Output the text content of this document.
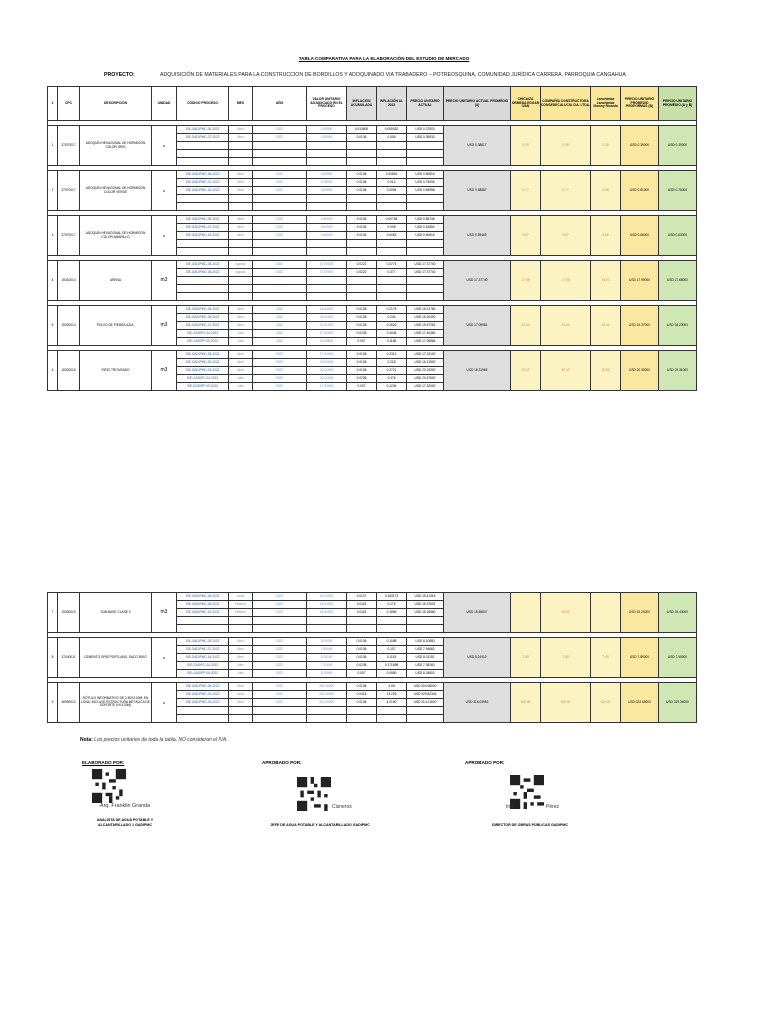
TABLA COMPARATIVA PARA LA ELABORACIÓN DEL ESTUDIO DE MERCADO
PROYECTO:	ADQUISICIÓN DE MATERIALES PARA LA CONSTRUCCION DE BORDILLOS Y ADOQUINADO VIA TRABADERO – POTREOSQUINA, COMUNIDAD JURÍDICA CARRERA, PARROQUIA CANGAHUA
#	CPC	DESCRIPCIÓN	UNIDAD	CÓDIGO PROCESO	MES	AÑO	VALOR UNITARIO ADJUDICADO EN EL PROCESO	INFLACIÓN ACUMULADA	INFLACIÓN AL 2023	PRECIO UNITARIO ACTUAL	PRECIO UNITARIO ACTUAL PROMEDIO (X)	CHICAIZA ORMEDA EDGAR IVAN	COMPAÑÍA CONSTRUCTORA CONSEDECALUCIA CIA. LTDA.	Lanchimba Lanchimba Jhonny Ricardo	PRECIO UNITARIO PROMEDIO PROFORMAS (B)	PRECIO UNITARIO PROMEDIO (A y B)

1	37570017	ADOQUÍN HEXAGONAL DE HORMIGÓN COLOR GRIS	u	SIE-GADIPMC-06-2022	Abril	2022	0.39900	0.013600	0.005032	USD 0.37503	USD 0.38817	0.39	0.39	0.38	USD 0.39000	USD 0.39000
				SIE-GADIPMC-07-2022	Abril	2022	0.39900	0.0136	0.005	USD 0.39530						

2	37570017	ADOQUÍN HEXAGONAL DE HORMIGÓN COLOR VERDE	u	SIE-GADIPMC-06-2022	Abril	2022	0.69900	0.0136	0.00816	USD 0.60816	USD 0.68887	0.77	0.77	0.68	USD 0.81000	USD 0.75000
				SIE-GADIPMC-07-2022	Abril	2022	0.75000	0.0136	0.010	USD 0.75006						
				SIE-GADIPMC-16-2022	Abril	2022	0.69900	0.0136	0.0094	USD 0.69958						

3	37570017	ADOQUÍN HEXAGONAL DE HORMIGÓN COLOR AMARILLO	u	SIE-GADIPMC-06-2022	Abril	2022	0.50000	0.0136	0.00748	USD 0.55748	USD 0.59465	0.67	0.67	0.65	USD 0.66000	USD 0.63000
				SIE-GADIPMC-07-2022	Abril	2022	0.61000	0.0136	0.008	USD 0.61850						
				SIE-GADIPMC-16-2022	Abril	2022	0.60000	0.0136	0.0082	USD 0.60816						

4	15310014	ARENA	m3	SIE-GADIPMC-08-2022	Agosto	2022	17.00000	0.0222	0.3774	USD 17.37740	USD 17.37740	17.98	17.98	18.00	USD 17.99000	USD 17.68000
				SIE-GADIPMC-08-2022	Agosto	2022	17.00000	0.0222	0.377	USD 17.37740						

5	15320014	POLVO DE PIEDRA AZUL	m3	SIE-GADIPMC-05-2022	Abril	2022	16.00000	0.0136	0.2176	USD 16.21760	USD 17.09964	20.00	20.00	18.00	USD 19.37000	USD 18.23000
				SIE-GADIPMC-06-2022	Abril	2022	15.00000	0.0136	0.204	USD 15.20400						
				SIE-GADIPMC-07-2022	Abril	2022	19.31000	0.0136	0.2626	USD 19.57262						
				SIE-GADIPC-04-2022	Julio	2022	17.00000	0.0238	0.4046	USD 17.40460						
				SIE-GADIPP-09-2022	Julio	2022	16.98800	0.007	0.1189	USD 17.09866						

6	15320015	RIPIO TRITURADO	m3	SIE-GADIPMC-05-2022	Abril	2022	17.00000	0.0136	0.2312	USD 17.23100	USD 18.31965	20.47	20.47	19.95	USD 20.30000	USD 19.31000
				SIE-GADIPMC-02-2022	Abril	2022	16.00000	0.0136	0.218	USD 16.21800						
				SIE-GADIPMC-03-2022	Abril	2022	20.00000	0.0136	0.2721	USD 20.23300						
				SIE-GADIPC-04-2022	Julio	2022	20.00000	0.0238	0.476	USD 20.47600						
				SIE-GADIPP-09-2022	Julio	2022	17.20000	0.007	0.1204	USD 17.32000						
7	15330010	SUB-BASE CLASE 3	m3	SIE-GADIPMC-06-2022	Junio	2022	15.20000	0.0107	0.163173	USD 15.41318	USD 15.65837		15.00		USD 15.20000	USD 15.43000
				SIE-GADIPMC-06-2022	Febrero	2022	15.00000	0.0116	0.176	USD 15.37632						
				SIE-GADIPMC-16-2022	Febrero	2022	16.00000	0.0116	0.1856	USD 16.18560						

8	37440011	CEMENTO GRIS PORTLAND, SACO 50KG	u	SIE-GADIPMC-05-2022	Abril	2022	8.00000	0.0136	0.1088	USD 8.10880	USD 8.01910	7.89	7.89	7.40	USD 7.89000	USD 7.95000
				SIE-GADIPMC-07-2022	Abril	2022	7.80000	0.0136	0.107	USD 7.94662						
				SIE-GADIPMC-16-2022	Abril	2022	8.20000	0.0136	0.1115	USD 8.31152						
				SIE-GADIPC-04-2022	Julio	2022	7.21000	0.0238	0.171598	USD 7.38160						
				SIE-GADIPP-09-2022	Julio	2022	8.29000	0.007	0.0580	USD 8.34803						

9	46990010	RÓTULO INFORMATIVO DE 2.50X3.00M, EN LONA, INCLUYE ESTRUCTURA METÁLICA DE SOPORTE (H=3.00M)	u	SIE-GADIPMC-05-2022	Abril	2022	300.00000	0.0136	4.08	USD 304.08000	USD 316.03982	340.46	295.00	320.20	USD 322.65000	USD 319.34000
				SIE-GADIPMC-02-2022	Junio	2022	316.00000	0.0418	13.225	USD 329.82346						
				SIE-GADIPMC-03-2022	Abril	2022	310.00000	0.0136	4.2160	USD 314.21600						

Nota: Los precios unitarios de toda la tabla, NO consideran el IVA.
ELABORADO POR:
Arq. Franklin Granda
ANALISTA DE AGUA POTABLE Y ALCANTARILLADO 1 GADIPMC
APROBADO POR:
Cisneros
JEFE DE AGUA POTABLE Y ALCANTARILLADO GADIPMC
APROBADO POR:
Ing.	Pérez
DIRECTOR DE OBRAS PÚBLICAS GADIPMC
